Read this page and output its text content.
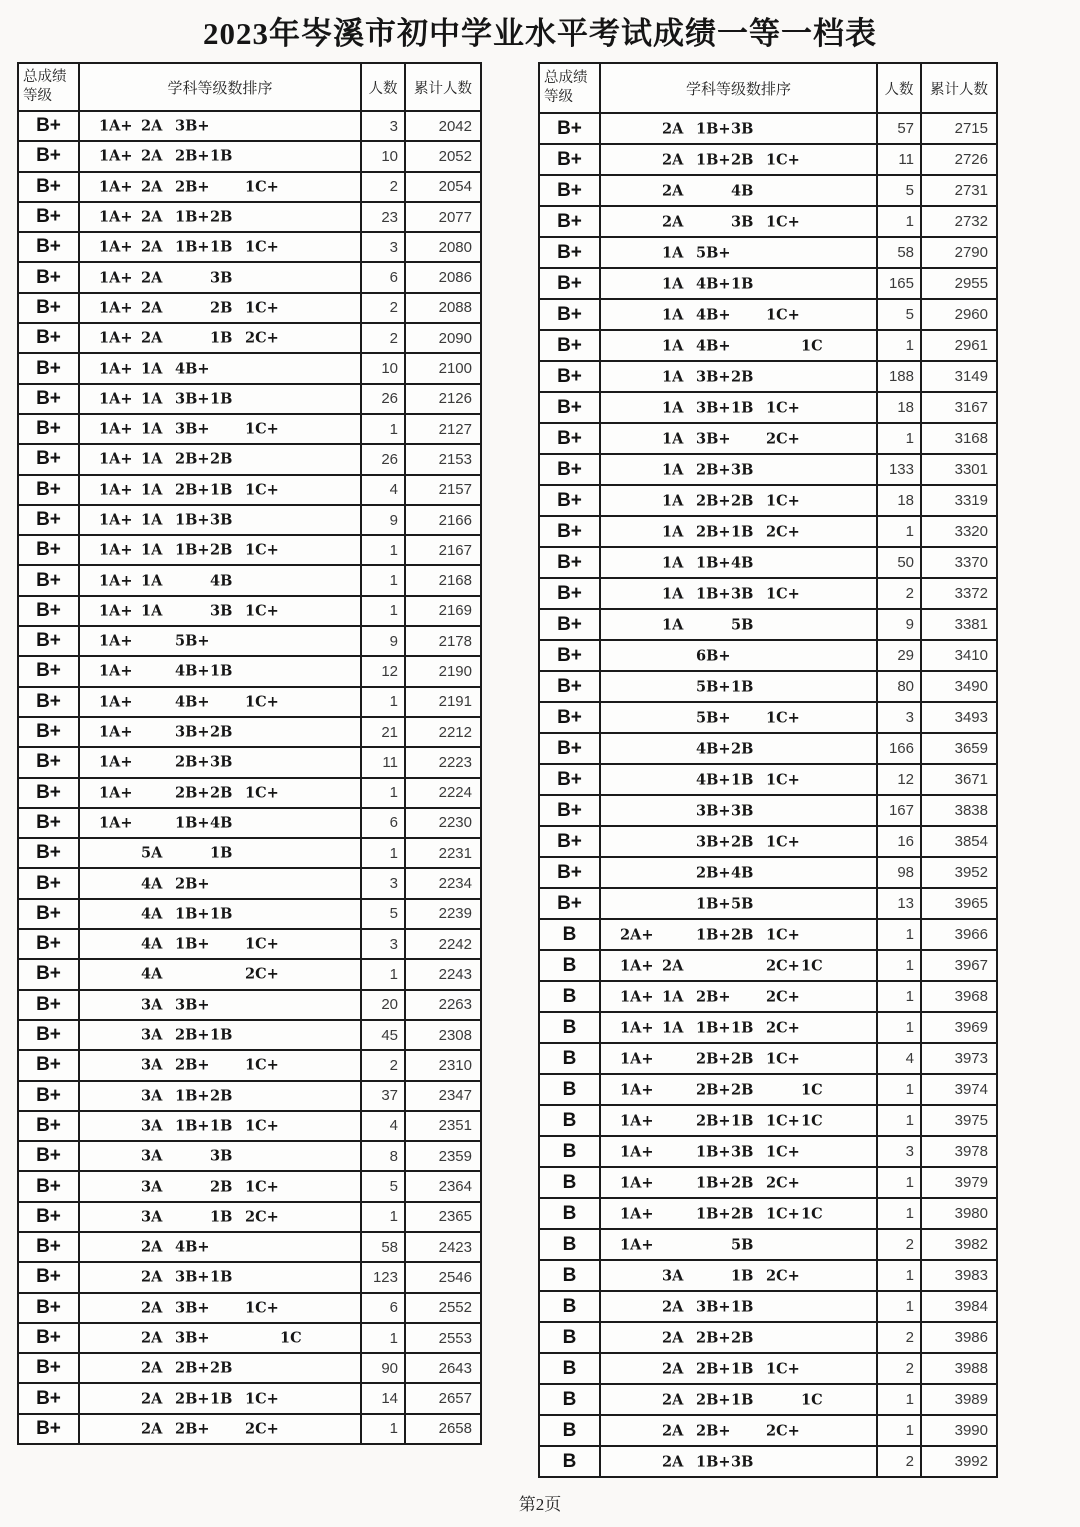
2023年岑溪市初中学业水平考试成绩一等一档表
总成绩
等级	学科等级数排序	人数	累计人数
B+	1A+ 2A 3B+	3	2042
B+	1A+ 2A 2B+ 1B	10	2052
B+	1A+ 2A 2B+ 1C+	2	2054
B+	1A+ 2A 1B+ 2B	23	2077
B+	1A+ 2A 1B+ 1B 1C+	3	2080
B+	1A+ 2A	3B	6	2086
B+	1A+ 2A	2B 1C+	2	2088
B+	1A+ 2A	1B 2C+	2	2090
B+	1A+ 1A 4B+	10	2100
B+	1A+ 1A 3B+ 1B	26	2126
B+	1A+ 1A 3B+ 1C+	1	2127
B+	1A+ 1A 2B+ 2B	26	2153
B+	1A+ 1A 2B+ 1B 1C+	4	2157
B+	1A+ 1A 1B+ 3B	9	2166
B+	1A+ 1A 1B+ 2B 1C+	1	2167
B+	1A+ 1A	4B	1	2168
B+	1A+ 1A	3B 1C+	1	2169
B+	1A+	5B+	9	2178
B+	1A+	4B+ 1B	12	2190
B+	1A+	4B+ 1C+	1	2191
B+	1A+	3B+ 2B	21	2212
B+	1A+	2B+ 3B	11	2223
B+	1A+	2B+ 2B 1C+	1	2224
B+	1A+	1B+ 4B	6	2230
B+	5A	1B	1	2231
B+	4A 2B+	3	2234
B+	4A 1B+ 1B	5	2239
B+	4A 1B+ 1C+	3	2242
B+	4A	2C+	1	2243
B+	3A 3B+	20	2263
B+	3A 2B+ 1B	45	2308
B+	3A 2B+ 1C+	2	2310
B+	3A 1B+ 2B	37	2347
B+	3A 1B+ 1B 1C+	4	2351
B+	3A	3B	8	2359
B+	3A	2B 1C+	5	2364
B+	3A	1B 2C+	1	2365
B+	2A 4B+	58	2423
B+	2A 3B+ 1B	123	2546
B+	2A 3B+ 1C+	6	2552
B+	2A 3B+	1C	1	2553
B+	2A 2B+ 2B	90	2643
B+	2A 2B+ 1B 1C+	14	2657
B+	2A 2B+ 2C+	1	2658
总成绩
等级	学科等级数排序	人数	累计人数
B+	2A 1B+ 3B	57	2715
B+	2A 1B+ 2B 1C+	11	2726
B+	2A	4B	5	2731
B+	2A	3B 1C+	1	2732
B+	1A 5B+	58	2790
B+	1A 4B+ 1B	165	2955
B+	1A 4B+ 1C+	5	2960
B+	1A 4B+	1C	1	2961
B+	1A 3B+ 2B	188	3149
B+	1A 3B+ 1B 1C+	18	3167
B+	1A 3B+ 2C+	1	3168
B+	1A 2B+ 3B	133	3301
B+	1A 2B+ 2B 1C+	18	3319
B+	1A 2B+ 1B 2C+	1	3320
B+	1A 1B+ 4B	50	3370
B+	1A 1B+ 3B 1C+	2	3372
B+	1A	5B	9	3381
B+	6B+	29	3410
B+	5B+ 1B	80	3490
B+	5B+ 1C+	3	3493
B+	4B+ 2B	166	3659
B+	4B+ 1B 1C+	12	3671
B+	3B+ 3B	167	3838
B+	3B+ 2B 1C+	16	3854
B+	2B+ 4B	98	3952
B+	1B+ 5B	13	3965
B	2A+	1B+ 2B 1C+	1	3966
B	1A+ 2A	2C+ 1C	1	3967
B	1A+ 1A 2B+ 2C+	1	3968
B	1A+ 1A 1B+ 1B 2C+	1	3969
B	1A+	2B+ 2B 1C+	4	3973
B	1A+	2B+ 2B	1C	1	3974
B	1A+	2B+ 1B 1C+ 1C	1	3975
B	1A+	1B+ 3B 1C+	3	3978
B	1A+	1B+ 2B 2C+	1	3979
B	1A+	1B+ 2B 1C+ 1C	1	3980
B	1A+	5B	2	3982
B	3A	1B 2C+	1	3983
B	2A 3B+ 1B	1	3984
B	2A 2B+ 2B	2	3986
B	2A 2B+ 1B 1C+	2	3988
B	2A 2B+ 1B	1C	1	3989
B	2A 2B+ 2C+	1	3990
B	2A 1B+ 3B	2	3992
第2页
